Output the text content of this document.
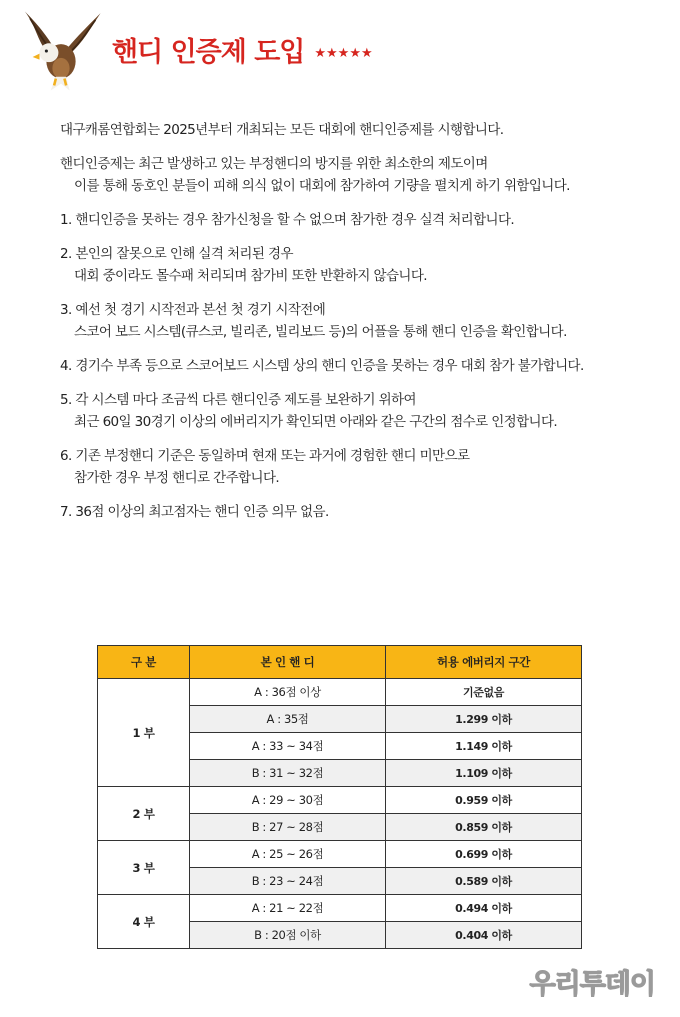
핸디 인증제 도입 ★★★★★
대구캐롬연합회는 2025년부터 개최되는 모든 대회에 핸디인증제를 시행합니다.
핸디인증제는 최근 발생하고 있는 부정핸디의 방지를 위한 최소한의 제도이며
이를 통해 동호인 분들이 피해 의식 없이 대회에 참가하여 기량을 펼치게 하기 위함입니다.
1. 핸디인증을 못하는 경우 참가신청을 할 수 없으며 참가한 경우 실격 처리합니다.
2. 본인의 잘못으로 인해 실격 처리된 경우
대회 중이라도 몰수패 처리되며 참가비 또한 반환하지 않습니다.
3. 예선 첫 경기 시작전과 본선 첫 경기 시작전에
스코어 보드 시스템(큐스코, 빌리존, 빌리보드 등)의 어플을 통해 핸디 인증을 확인합니다.
4. 경기수 부족 등으로 스코어보드 시스템 상의 핸디 인증을 못하는 경우 대회 참가 불가합니다.
5. 각 시스템 마다 조금씩 다른 핸디인증 제도를 보완하기 위하여
최근 60일 30경기 이상의 에버리지가 확인되면 아래와 같은 구간의 점수로 인정합니다.
6. 기존 부정핸디 기준은 동일하며 현재 또는 과거에 경험한 핸디 미만으로
참가한 경우 부정 핸디로 간주합니다.
7. 36점 이상의 최고점자는 핸디 인증 의무 없음.
구 분	본 인 핸 디	허용 에버리지 구간
1 부	A : 36점 이상	기준없음
	A : 35점	1.299 이하
	A : 33 ~ 34점	1.149 이하
	B : 31 ~ 32점	1.109 이하
2 부	A : 29 ~ 30점	0.959 이하
	B : 27 ~ 28점	0.859 이하
3 부	A : 25 ~ 26점	0.699 이하
	B : 23 ~ 24점	0.589 이하
4 부	A : 21 ~ 22점	0.494 이하
	B : 20점 이하	0.404 이하
우리투데이
